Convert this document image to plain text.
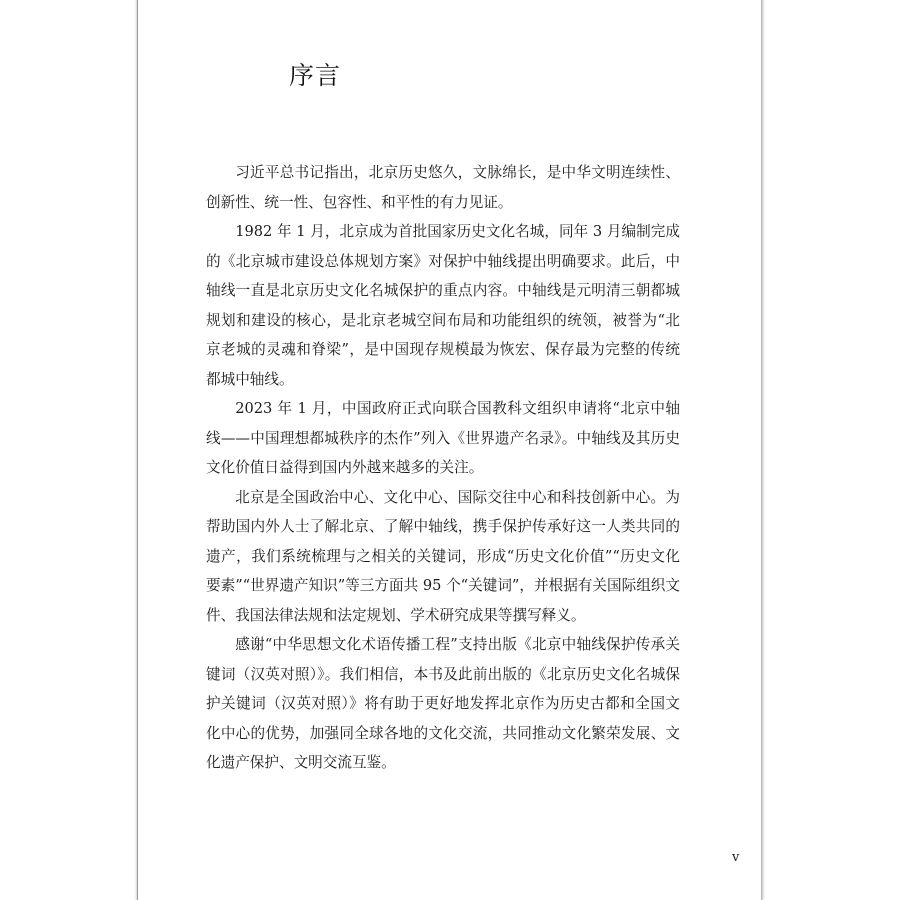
序言

习近平总书记指出，北京历史悠久，文脉绵长，是中华文明连续性、创新性、统一性、包容性、和平性的有力见证。

1982 年 1 月，北京成为首批国家历史文化名城，同年 3 月编制完成的《北京城市建设总体规划方案》对保护中轴线提出明确要求。此后，中轴线一直是北京历史文化名城保护的重点内容。中轴线是元明清三朝都城规划和建设的核心，是北京老城空间布局和功能组织的统领，被誉为“北京老城的灵魂和脊梁”，是中国现存规模最为恢宏、保存最为完整的传统都城中轴线。

2023 年 1 月，中国政府正式向联合国教科文组织申请将“北京中轴线——中国理想都城秩序的杰作”列入《世界遗产名录》。中轴线及其历史文化价值日益得到国内外越来越多的关注。

北京是全国政治中心、文化中心、国际交往中心和科技创新中心。为帮助国内外人士了解北京、了解中轴线，携手保护传承好这一人类共同的遗产，我们系统梳理与之相关的关键词，形成“历史文化价值”“历史文化要素”“世界遗产知识”等三方面共 95 个“关键词”，并根据有关国际组织文件、我国法律法规和法定规划、学术研究成果等撰写释义。

感谢“中华思想文化术语传播工程”支持出版《北京中轴线保护传承关键词（汉英对照）》。我们相信，本书及此前出版的《北京历史文化名城保护关键词（汉英对照）》将有助于更好地发挥北京作为历史古都和全国文化中心的优势，加强同全球各地的文化交流，共同推动文化繁荣发展、文化遗产保护、文明交流互鉴。

v
